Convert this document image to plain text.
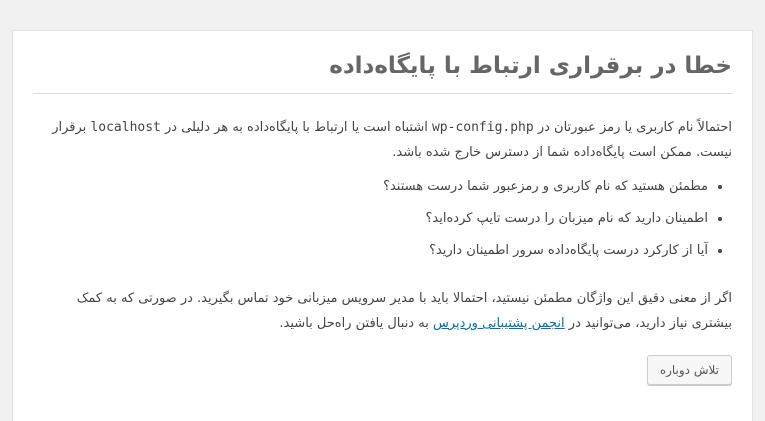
خطا در برقراری ارتباط با پایگاه‌داده

احتمالاً نام کاربری یا رمز عبورتان در wp-config.php اشتباه است یا ارتباط با پایگاه‌داده به هر دلیلی در localhost برقرار نیست. ممکن است پایگاه‌داده شما از دسترس خارج شده باشد.

• مطمئن هستید که نام کاربری و رمزعبور شما درست هستند؟
• اطمینان دارید که نام میزبان را درست تایپ کرده‌اید؟
• آیا از کارکرد درست پایگاه‌داده سرور اطمینان دارید؟

اگر از معنی دقیق این واژگان مطمئن نیستید، احتمالا باید با مدیر سرویس میزبانی خود تماس بگیرید. در صورتی که به کمک بیشتری نیاز دارید، می‌توانید در انجمن پشتیبانی وردپرس به دنبال یافتن راه‌حل باشید.

تلاش دوباره
